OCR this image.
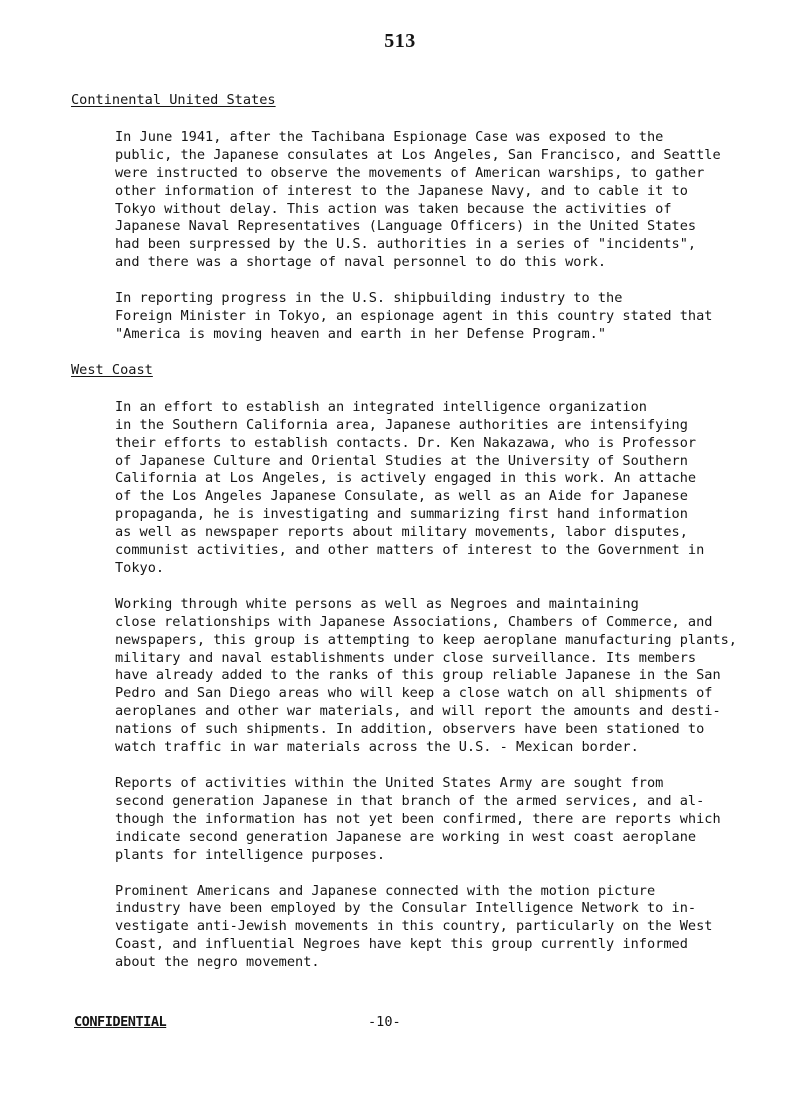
513
Continental United States
In June 1941, after the Tachibana Espionage Case was exposed to the
public, the Japanese consulates at Los Angeles, San Francisco, and Seattle
were instructed to observe the movements of American warships, to gather
other information of interest to the Japanese Navy, and to cable it to
Tokyo without delay. This action was taken because the activities of
Japanese Naval Representatives (Language Officers) in the United States
had been surpressed by the U.S. authorities in a series of "incidents",
and there was a shortage of naval personnel to do this work.
In reporting progress in the U.S. shipbuilding industry to the
Foreign Minister in Tokyo, an espionage agent in this country stated that
"America is moving heaven and earth in her Defense Program."
West Coast
In an effort to establish an integrated intelligence organization
in the Southern California area, Japanese authorities are intensifying
their efforts to establish contacts. Dr. Ken Nakazawa, who is Professor
of Japanese Culture and Oriental Studies at the University of Southern
California at Los Angeles, is actively engaged in this work. An attache
of the Los Angeles Japanese Consulate, as well as an Aide for Japanese
propaganda, he is investigating and summarizing first hand information
as well as newspaper reports about military movements, labor disputes,
communist activities, and other matters of interest to the Government in
Tokyo.
Working through white persons as well as Negroes and maintaining
close relationships with Japanese Associations, Chambers of Commerce, and
newspapers, this group is attempting to keep aeroplane manufacturing plants,
military and naval establishments under close surveillance. Its members
have already added to the ranks of this group reliable Japanese in the San
Pedro and San Diego areas who will keep a close watch on all shipments of
aeroplanes and other war materials, and will report the amounts and desti-
nations of such shipments. In addition, observers have been stationed to
watch traffic in war materials across the U.S. - Mexican border.
Reports of activities within the United States Army are sought from
second generation Japanese in that branch of the armed services, and al-
though the information has not yet been confirmed, there are reports which
indicate second generation Japanese are working in west coast aeroplane
plants for intelligence purposes.
Prominent Americans and Japanese connected with the motion picture
industry have been employed by the Consular Intelligence Network to in-
vestigate anti-Jewish movements in this country, particularly on the West
Coast, and influential Negroes have kept this group currently informed
about the negro movement.
CONFIDENTIAL	-10-
